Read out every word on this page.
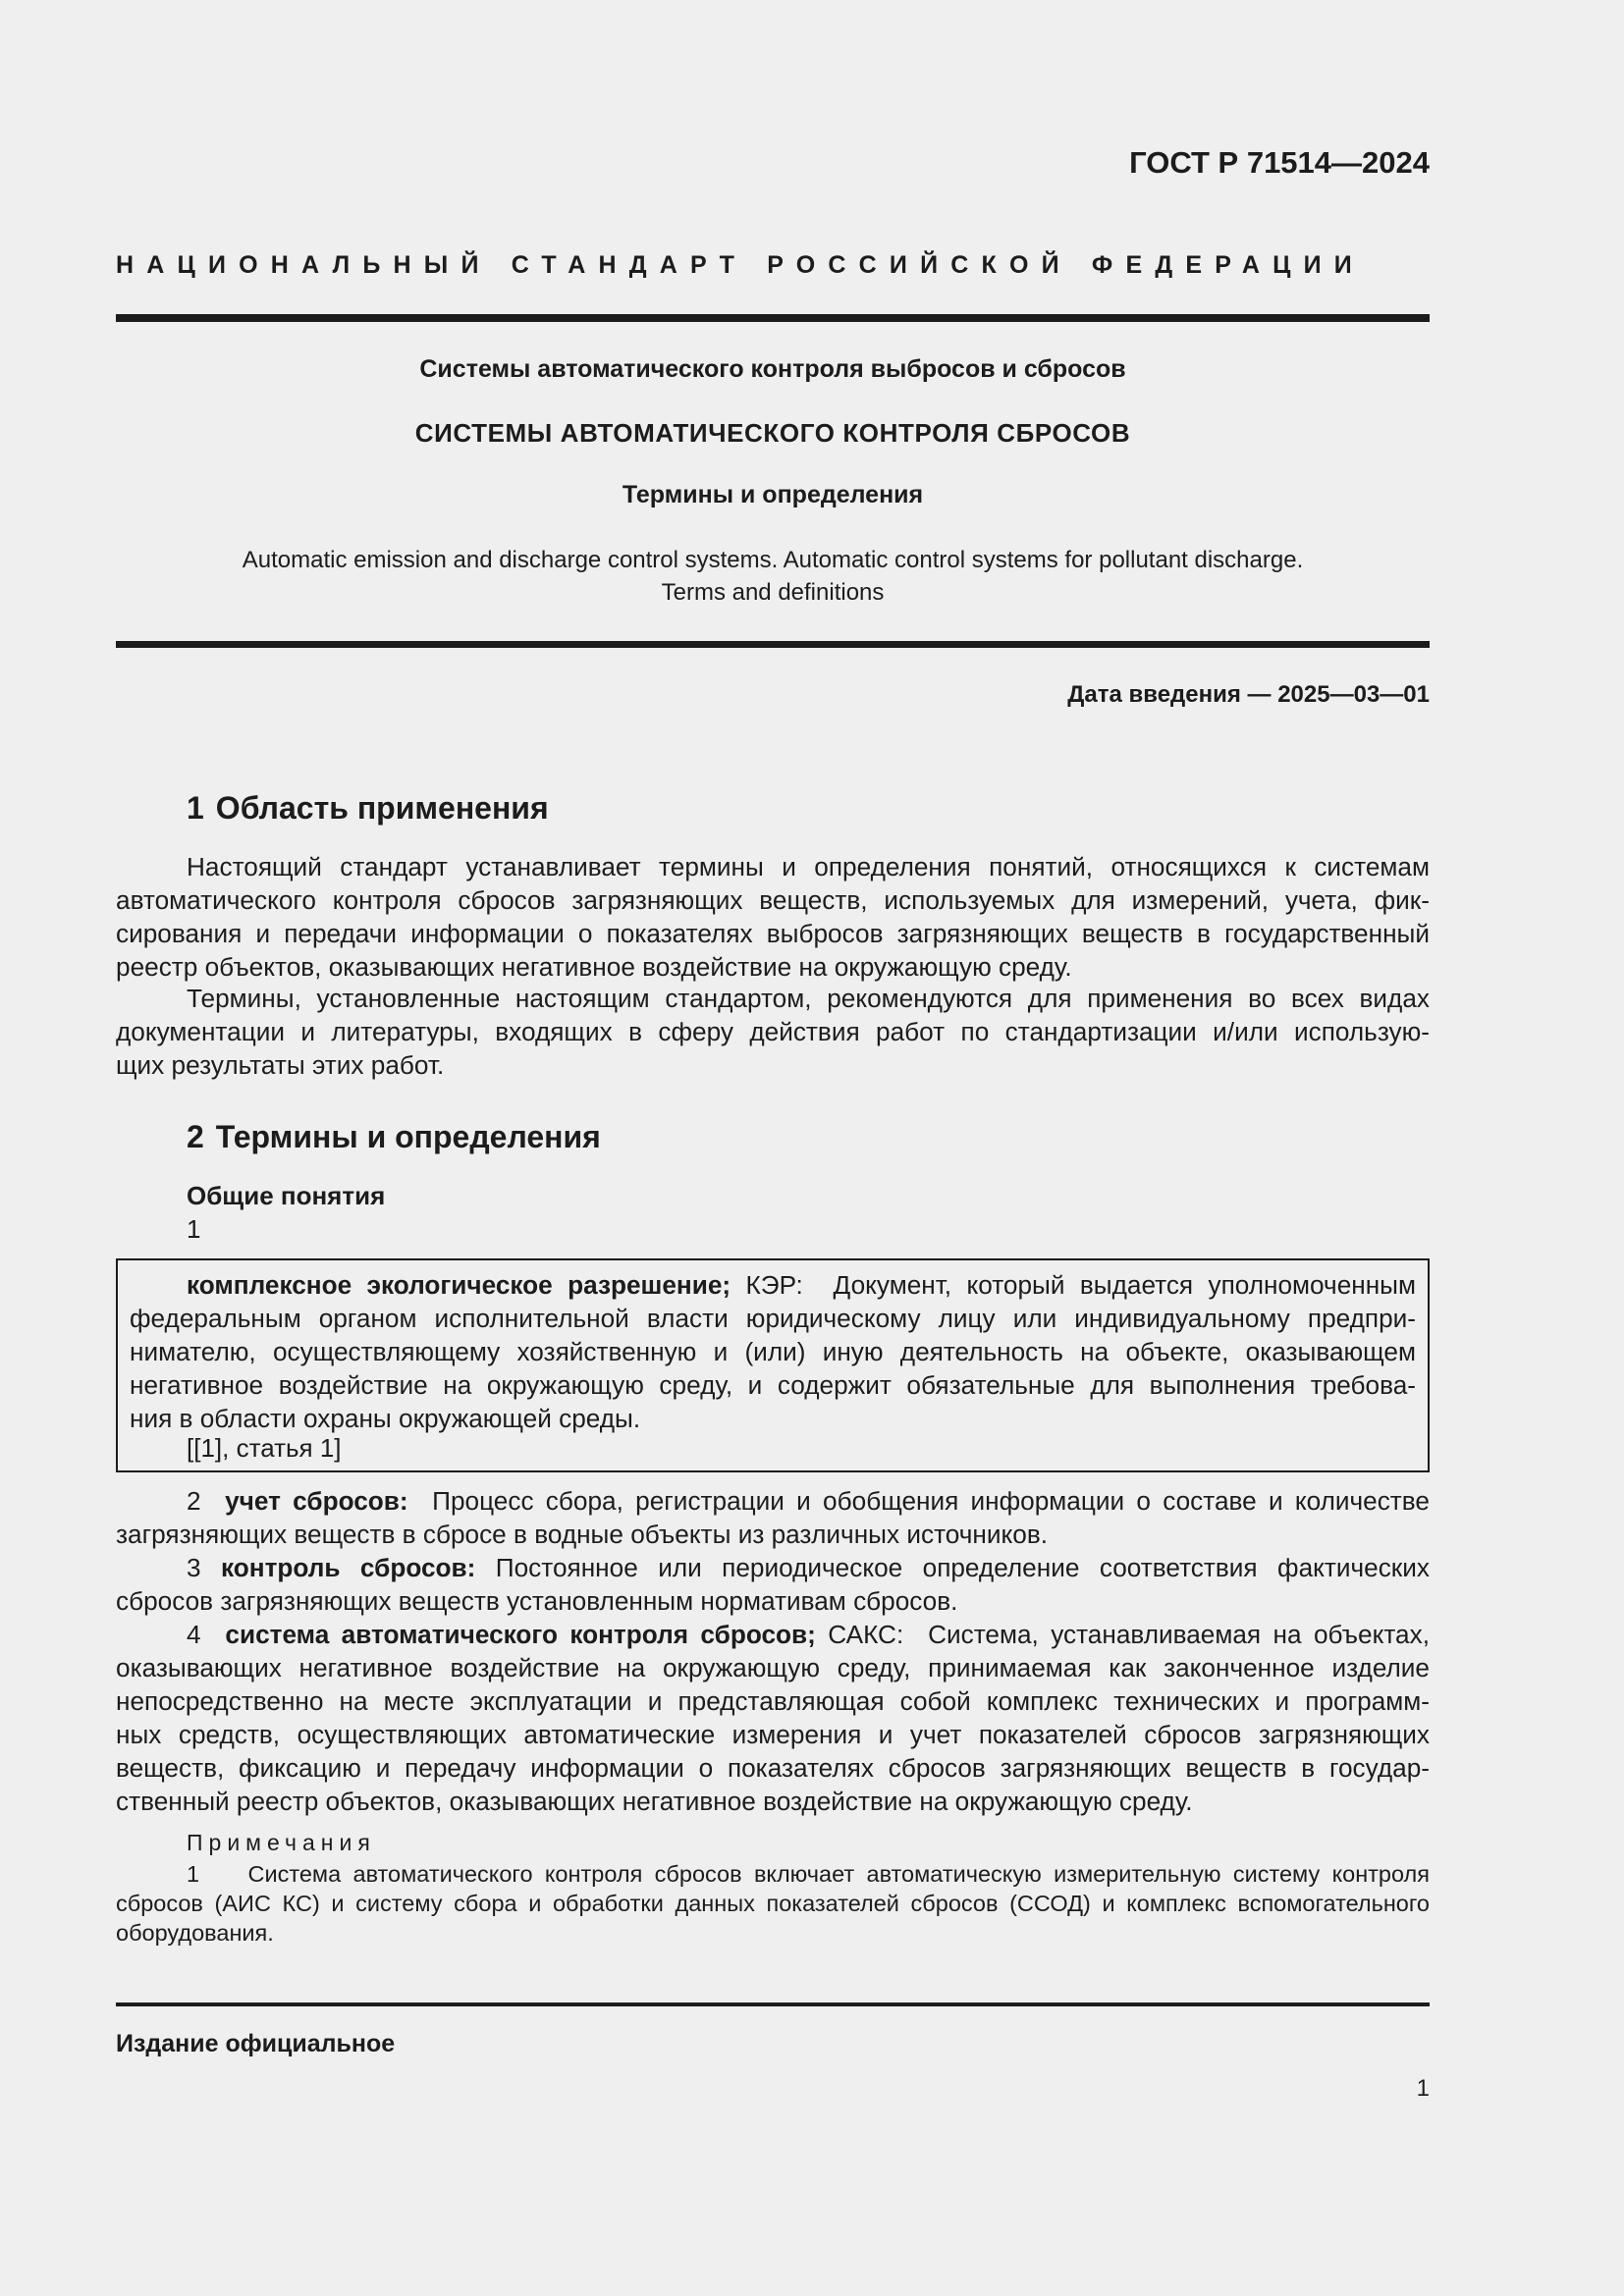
ГОСТ Р 71514—2024
НАЦИОНАЛЬНЫЙ СТАНДАРТ РОССИЙСКОЙ ФЕДЕРАЦИИ
Системы автоматического контроля выбросов и сбросов
СИСТЕМЫ АВТОМАТИЧЕСКОГО КОНТРОЛЯ СБРОСОВ
Термины и определения
Automatic emission and discharge control systems. Automatic control systems for pollutant discharge.
Terms and definitions
Дата введения — 2025—03—01
1 Область применения
Настоящий стандарт устанавливает термины и определения понятий, относящихся к системам
автоматического контроля сбросов загрязняющих веществ, используемых для измерений, учета, фик-
сирования и передачи информации о показателях выбросов загрязняющих веществ в государственный
реестр объектов, оказывающих негативное воздействие на окружающую среду.
Термины, установленные настоящим стандартом, рекомендуются для применения во всех видах
документации и литературы, входящих в сферу действия работ по стандартизации и/или использую-
щих результаты этих работ.
2 Термины и определения
Общие понятия
1
комплексное экологическое разрешение; КЭР: Документ, который выдается уполномоченным
федеральным органом исполнительной власти юридическому лицу или индивидуальному предпри-
нимателю, осуществляющему хозяйственную и (или) иную деятельность на объекте, оказывающем
негативное воздействие на окружающую среду, и содержит обязательные для выполнения требова-
ния в области охраны окружающей среды.
[[1], статья 1]
2 учет сбросов: Процесс сбора, регистрации и обобщения информации о составе и количестве
загрязняющих веществ в сбросе в водные объекты из различных источников.
3 контроль сбросов: Постоянное или периодическое определение соответствия фактических
сбросов загрязняющих веществ установленным нормативам сбросов.
4 система автоматического контроля сбросов; САКС: Система, устанавливаемая на объектах,
оказывающих негативное воздействие на окружающую среду, принимаемая как законченное изделие
непосредственно на месте эксплуатации и представляющая собой комплекс технических и программ-
ных средств, осуществляющих автоматические измерения и учет показателей сбросов загрязняющих
веществ, фиксацию и передачу информации о показателях сбросов загрязняющих веществ в государ-
ственный реестр объектов, оказывающих негативное воздействие на окружающую среду.
Примечания
1    Система автоматического контроля сбросов включает автоматическую измерительную систему контроля
сбросов (АИС КС) и систему сбора и обработки данных показателей сбросов (ССОД) и комплекс вспомогательного
оборудования.
Издание официальное
1
